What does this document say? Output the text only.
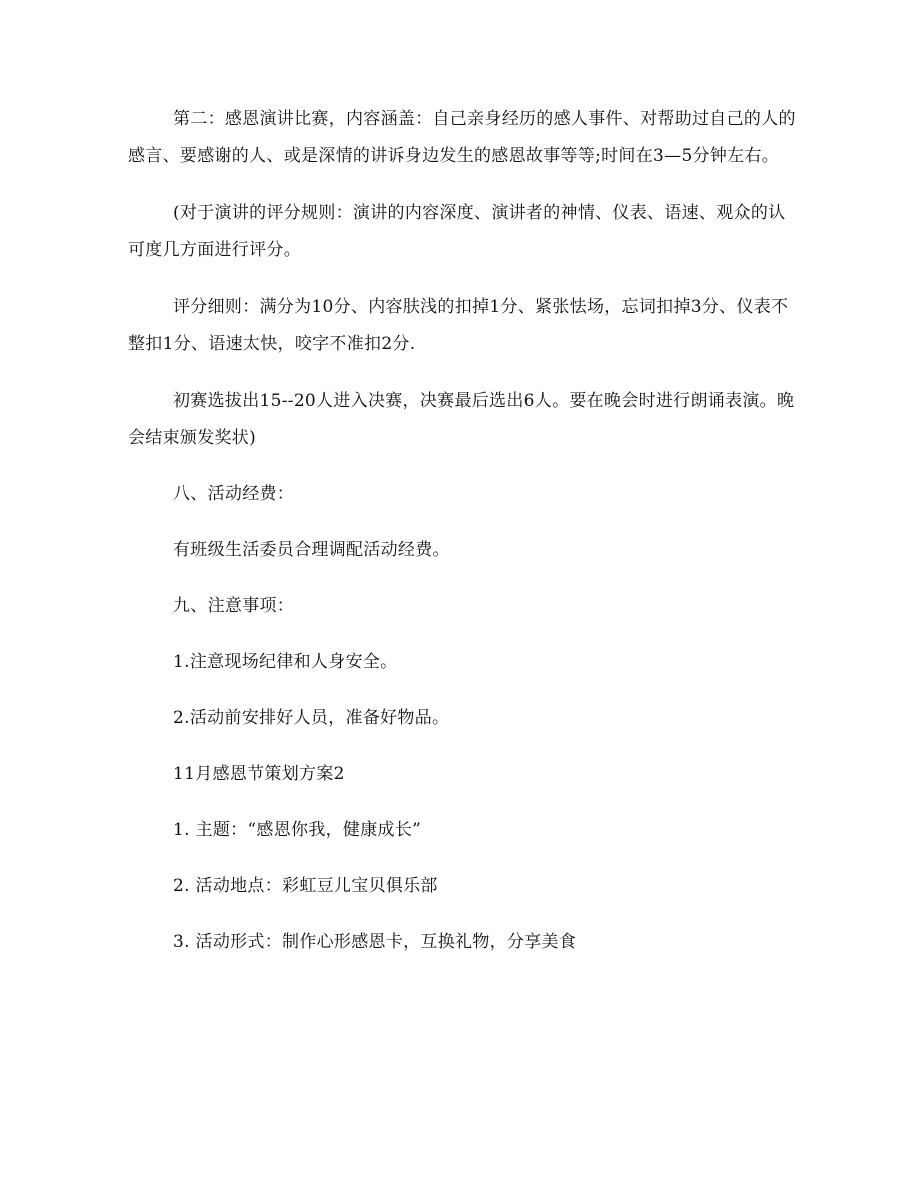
第二：感恩演讲比赛，内容涵盖：自己亲身经历的感人事件、对帮助过自己的人的感言、要感谢的人、或是深情的讲诉身边发生的感恩故事等等;时间在3—5分钟左右。

(对于演讲的评分规则：演讲的内容深度、演讲者的神情、仪表、语速、观众的认可度几方面进行评分。

评分细则：满分为10分、内容肤浅的扣掉1分、紧张怯场，忘词扣掉3分、仪表不整扣1分、语速太快，咬字不准扣2分.

初赛选拔出15--20人进入决赛，决赛最后选出6人。要在晚会时进行朗诵表演。晚会结束颁发奖状)

八、活动经费：

有班级生活委员合理调配活动经费。

九、注意事项：

1.注意现场纪律和人身安全。

2.活动前安排好人员，准备好物品。

11月感恩节策划方案2

1. 主题：“感恩你我，健康成长”

2. 活动地点：彩虹豆儿宝贝俱乐部

3. 活动形式：制作心形感恩卡，互换礼物，分享美食
